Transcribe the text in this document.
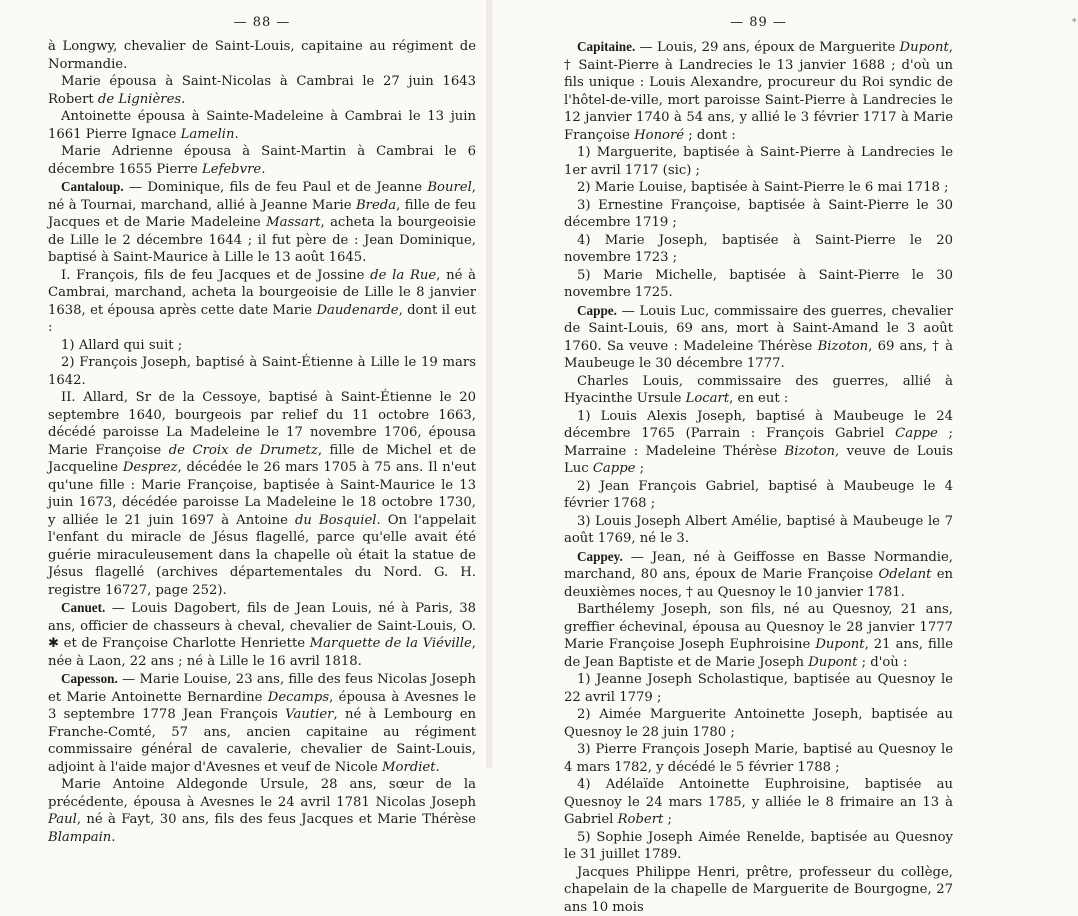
— 88 —

à Longwy, chevalier de Saint-Louis, capitaine au régiment de Normandie.

Marie épousa à Saint-Nicolas à Cambrai le 27 juin 1643 Robert de Lignières.

Antoinette épousa à Sainte-Madeleine à Cambrai le 13 juin 1661 Pierre Ignace Lamelin.

Marie Adrienne épousa à Saint-Martin à Cambrai le 6 décembre 1655 Pierre Lefebvre.

Cantaloup. — Dominique, fils de feu Paul et de Jeanne Bourel, né à Tournai, marchand, allié à Jeanne Marie Breda, fille de feu Jacques et de Marie Madeleine Massart, acheta la bourgeoisie de Lille le 2 décembre 1644 ; il fut père de : Jean Dominique, baptisé à Saint-Maurice à Lille le 13 août 1645.

I. François, fils de feu Jacques et de Jossine de la Rue, né à Cambrai, marchand, acheta la bourgeoisie de Lille le 8 janvier 1638, et épousa après cette date Marie Daudenarde, dont il eut :

1) Allard qui suit ;

2) François Joseph, baptisé à Saint-Étienne à Lille le 19 mars 1642.

II. Allard, Sr de la Cessoye, baptisé à Saint-Étienne le 20 septembre 1640, bourgeois par relief du 11 octobre 1663, décédé paroisse La Madeleine le 17 novembre 1706, épousa Marie Françoise de Croix de Drumetz, fille de Michel et de Jacqueline Desprez, décédée le 26 mars 1705 à 75 ans. Il n'eut qu'une fille : Marie Françoise, baptisée à Saint-Maurice le 13 juin 1673, décédée paroisse La Madeleine le 18 octobre 1730, y alliée le 21 juin 1697 à Antoine du Bosquiel. On l'appelait l'enfant du miracle de Jésus flagellé, parce qu'elle avait été guérie miraculeusement dans la chapelle où était la statue de Jésus flagellé (archives départementales du Nord. G. H. registre 16727, page 252).

Canuet. — Louis Dagobert, fils de Jean Louis, né à Paris, 38 ans, officier de chasseurs à cheval, chevalier de Saint-Louis, O. ✱ et de Françoise Charlotte Henriette Marquette de la Viéville, née à Laon, 22 ans ; né à Lille le 16 avril 1818.

Capesson. — Marie Louise, 23 ans, fille des feus Nicolas Joseph et Marie Antoinette Bernardine Decamps, épousa à Avesnes le 3 septembre 1778 Jean François Vautier, né à Lembourg en Franche-Comté, 57 ans, ancien capitaine au régiment commissaire général de cavalerie, chevalier de Saint-Louis, adjoint à l'aide major d'Avesnes et veuf de Nicole Mordiet.

Marie Antoine Aldegonde Ursule, 28 ans, sœur de la précédente, épousa à Avesnes le 24 avril 1781 Nicolas Joseph Paul, né à Fayt, 30 ans, fils des feus Jacques et Marie Thérèse Blampain.

*
— 89 —

Capitaine. — Louis, 29 ans, époux de Marguerite Dupont, † Saint-Pierre à Landrecies le 13 janvier 1688 ; d'où un fils unique : Louis Alexandre, procureur du Roi syndic de l'hôtel-de-ville, mort paroisse Saint-Pierre à Landrecies le 12 janvier 1740 à 54 ans, y allié le 3 février 1717 à Marie Françoise Honoré ; dont :

1) Marguerite, baptisée à Saint-Pierre à Landrecies le 1er avril 1717 (sic) ;

2) Marie Louise, baptisée à Saint-Pierre le 6 mai 1718 ;

3) Ernestine Françoise, baptisée à Saint-Pierre le 30 décembre 1719 ;

4) Marie Joseph, baptisée à Saint-Pierre le 20 novembre 1723 ;

5) Marie Michelle, baptisée à Saint-Pierre le 30 novembre 1725.

Cappe. — Louis Luc, commissaire des guerres, chevalier de Saint-Louis, 69 ans, mort à Saint-Amand le 3 août 1760. Sa veuve : Madeleine Thérèse Bizoton, 69 ans, † à Maubeuge le 30 décembre 1777.

Charles Louis, commissaire des guerres, allié à Hyacinthe Ursule Locart, en eut :

1) Louis Alexis Joseph, baptisé à Maubeuge le 24 décembre 1765 (Parrain : François Gabriel Cappe ; Marraine : Madeleine Thérèse Bizoton, veuve de Louis Luc Cappe ;

2) Jean François Gabriel, baptisé à Maubeuge le 4 février 1768 ;

3) Louis Joseph Albert Amélie, baptisé à Maubeuge le 7 août 1769, né le 3.

Cappey. — Jean, né à Geiffosse en Basse Normandie, marchand, 80 ans, époux de Marie Françoise Odelant en deuxièmes noces, † au Quesnoy le 10 janvier 1781.

Barthélemy Joseph, son fils, né au Quesnoy, 21 ans, greffier échevinal, épousa au Quesnoy le 28 janvier 1777 Marie Françoise Joseph Euphroisine Dupont, 21 ans, fille de Jean Baptiste et de Marie Joseph Dupont ; d'où :

1) Jeanne Joseph Scholastique, baptisée au Quesnoy le 22 avril 1779 ;

2) Aimée Marguerite Antoinette Joseph, baptisée au Quesnoy le 28 juin 1780 ;

3) Pierre François Joseph Marie, baptisé au Quesnoy le 4 mars 1782, y décédé le 5 février 1788 ;

4) Adélaïde Antoinette Euphroisine, baptisée au Quesnoy le 24 mars 1785, y alliée le 8 frimaire an 13 à Gabriel Robert ;

5) Sophie Joseph Aimée Renelde, baptisée au Quesnoy le 31 juillet 1789.

Jacques Philippe Henri, prêtre, professeur du collège, chapelain de la chapelle de Marguerite de Bourgogne, 27 ans 10 mois
